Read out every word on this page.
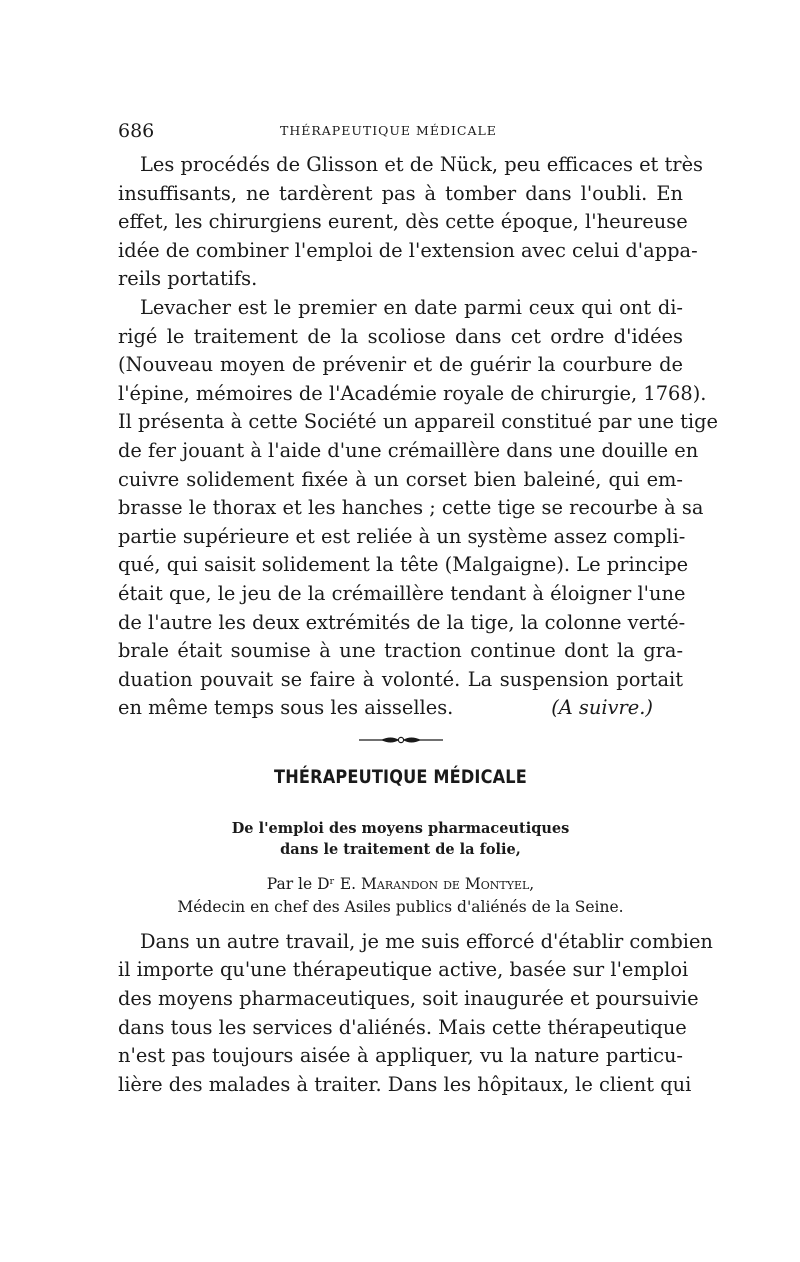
686	THÉRAPEUTIQUE MÉDICALE
Les procédés de Glisson et de Nück, peu efficaces et très
insuffisants, ne tardèrent pas à tomber dans l'oubli. En
effet, les chirurgiens eurent, dès cette époque, l'heureuse
idée de combiner l'emploi de l'extension avec celui d'appa-
reils portatifs.
Levacher est le premier en date parmi ceux qui ont di-
rigé le traitement de la scoliose dans cet ordre d'idées
(Nouveau moyen de prévenir et de guérir la courbure de
l'épine, mémoires de l'Académie royale de chirurgie, 1768).
Il présenta à cette Société un appareil constitué par une tige
de fer jouant à l'aide d'une crémaillère dans une douille en
cuivre solidement fixée à un corset bien baleiné, qui em-
brasse le thorax et les hanches ; cette tige se recourbe à sa
partie supérieure et est reliée à un système assez compli-
qué, qui saisit solidement la tête (Malgaigne). Le principe
était que, le jeu de la crémaillère tendant à éloigner l'une
de l'autre les deux extrémités de la tige, la colonne verté-
brale était soumise à une traction continue dont la gra-
duation pouvait se faire à volonté. La suspension portait
en même temps sous les aisselles.	(A suivre.)
THÉRAPEUTIQUE MÉDICALE
De l'emploi des moyens pharmaceutiques
dans le traitement de la folie,
Par le Dʳ E. Marandon de Montyel,
Médecin en chef des Asiles publics d'aliénés de la Seine.
Dans un autre travail, je me suis efforcé d'établir combien
il importe qu'une thérapeutique active, basée sur l'emploi
des moyens pharmaceutiques, soit inaugurée et poursuivie
dans tous les services d'aliénés. Mais cette thérapeutique
n'est pas toujours aisée à appliquer, vu la nature particu-
lière des malades à traiter. Dans les hôpitaux, le client qui
